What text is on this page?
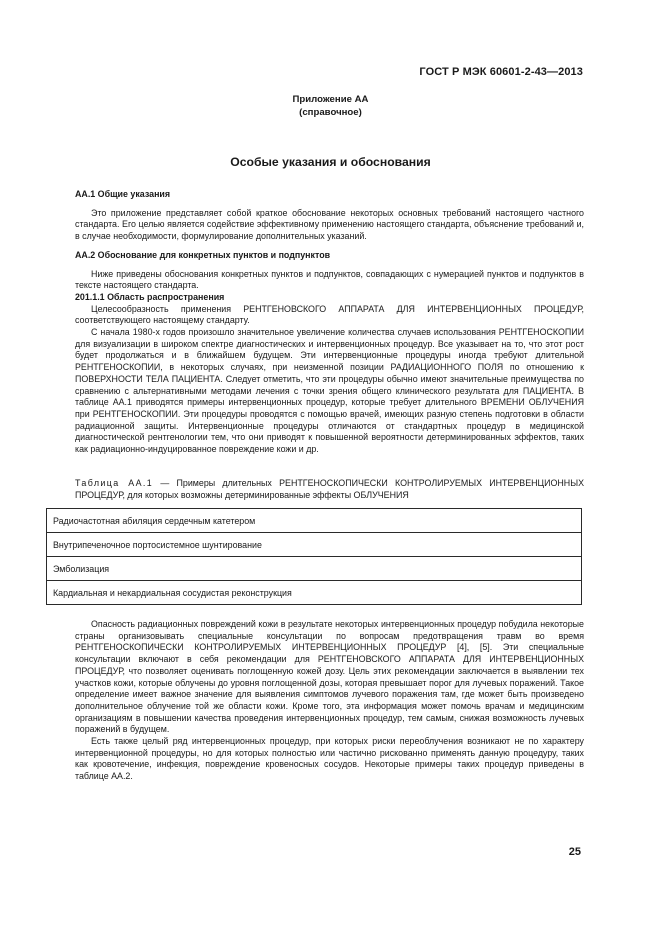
ГОСТ Р МЭК 60601-2-43—2013
Приложение АА
(справочное)
Особые указания и обоснования
АА.1 Общие указания

Это приложение представляет собой краткое обоснование некоторых основных требований настоящего частного стандарта. Его целью является содействие эффективному применению настоящего стандарта, объяснение требований и, в случае необходимости, формулирование дополнительных указаний.

АА.2 Обоснование для конкретных пунктов и подпунктов

Ниже приведены обоснования конкретных пунктов и подпунктов, совпадающих с нумерацией пунктов и подпунктов в тексте настоящего стандарта.

201.1.1 Область распространения

Целесообразность применения РЕНТГЕНОВСКОГО АППАРАТА ДЛЯ ИНТЕРВЕНЦИОННЫХ ПРОЦЕДУР, соответствующего настоящему стандарту.

С начала 1980-х годов произошло значительное увеличение количества случаев использования РЕНТГЕНОСКОПИИ для визуализации в широком спектре диагностических и интервенционных процедур. Все указывает на то, что этот рост будет продолжаться и в ближайшем будущем. Эти интервенционные процедуры иногда требуют длительной РЕНТГЕНОСКОПИИ, в некоторых случаях, при неизменной позиции РАДИАЦИОННОГО ПОЛЯ по отношению к ПОВЕРХНОСТИ ТЕЛА ПАЦИЕНТА. Следует отметить, что эти процедуры обычно имеют значительные преимущества по сравнению с альтернативными методами лечения с точки зрения общего клинического результата для ПАЦИЕНТА. В таблице АА.1 приводятся примеры интервенционных процедур, которые требует длительного ВРЕМЕНИ ОБЛУЧЕНИЯ при РЕНТГЕНОСКОПИИ. Эти процедуры проводятся с помощью врачей, имеющих разную степень подготовки в области радиационной защиты. Интервенционные процедуры отличаются от стандартных процедур в медицинской диагностической рентгенологии тем, что они приводят к повышенной вероятности детерминированных эффектов, таких как радиационно-индуцированное повреждение кожи и др.

Таблица АА.1 — Примеры длительных РЕНТГЕНОСКОПИЧЕСКИ КОНТРОЛИРУЕМЫХ ИНТЕРВЕНЦИОННЫХ ПРОЦЕДУР, для которых возможны детерминированные эффекты ОБЛУЧЕНИЯ

Радиочастотная абиляция сердечным катетером
Внутрипеченочное портосистемное шунтирование
Эмболизация
Кардиальная и некардиальная сосудистая реконструкция

Опасность радиационных повреждений кожи в результате некоторых интервенционных процедур побудила некоторые страны организовывать специальные консультации по вопросам предотвращения травм во время РЕНТГЕНОСКОПИЧЕСКИ КОНТРОЛИРУЕМЫХ ИНТЕРВЕНЦИОННЫХ ПРОЦЕДУР [4], [5]. Эти специальные консультации включают в себя рекомендации для РЕНТГЕНОВСКОГО АППАРАТА ДЛЯ ИНТЕРВЕНЦИОННЫХ ПРОЦЕДУР, что позволяет оценивать поглощенную кожей дозу. Цель этих рекомендации заключается в выявлении тех участков кожи, которые облучены до уровня поглощенной дозы, которая превышает порог для лучевых поражений. Такое определение имеет важное значение для выявления симптомов лучевого поражения там, где может быть произведено дополнительное облучение той же области кожи. Кроме того, эта информация может помочь врачам и медицинским организациям в повышении качества проведения интервенционных процедур, тем самым, снижая возможность лучевых поражений в будущем.

Есть также целый ряд интервенционных процедур, при которых риски переоблучения возникают не по характеру интервенционной процедуры, но для которых полностью или частично рискованно применять данную процедуру, таких как кровотечение, инфекция, повреждение кровеносных сосудов. Некоторые примеры таких процедур приведены в таблице АА.2.

25
